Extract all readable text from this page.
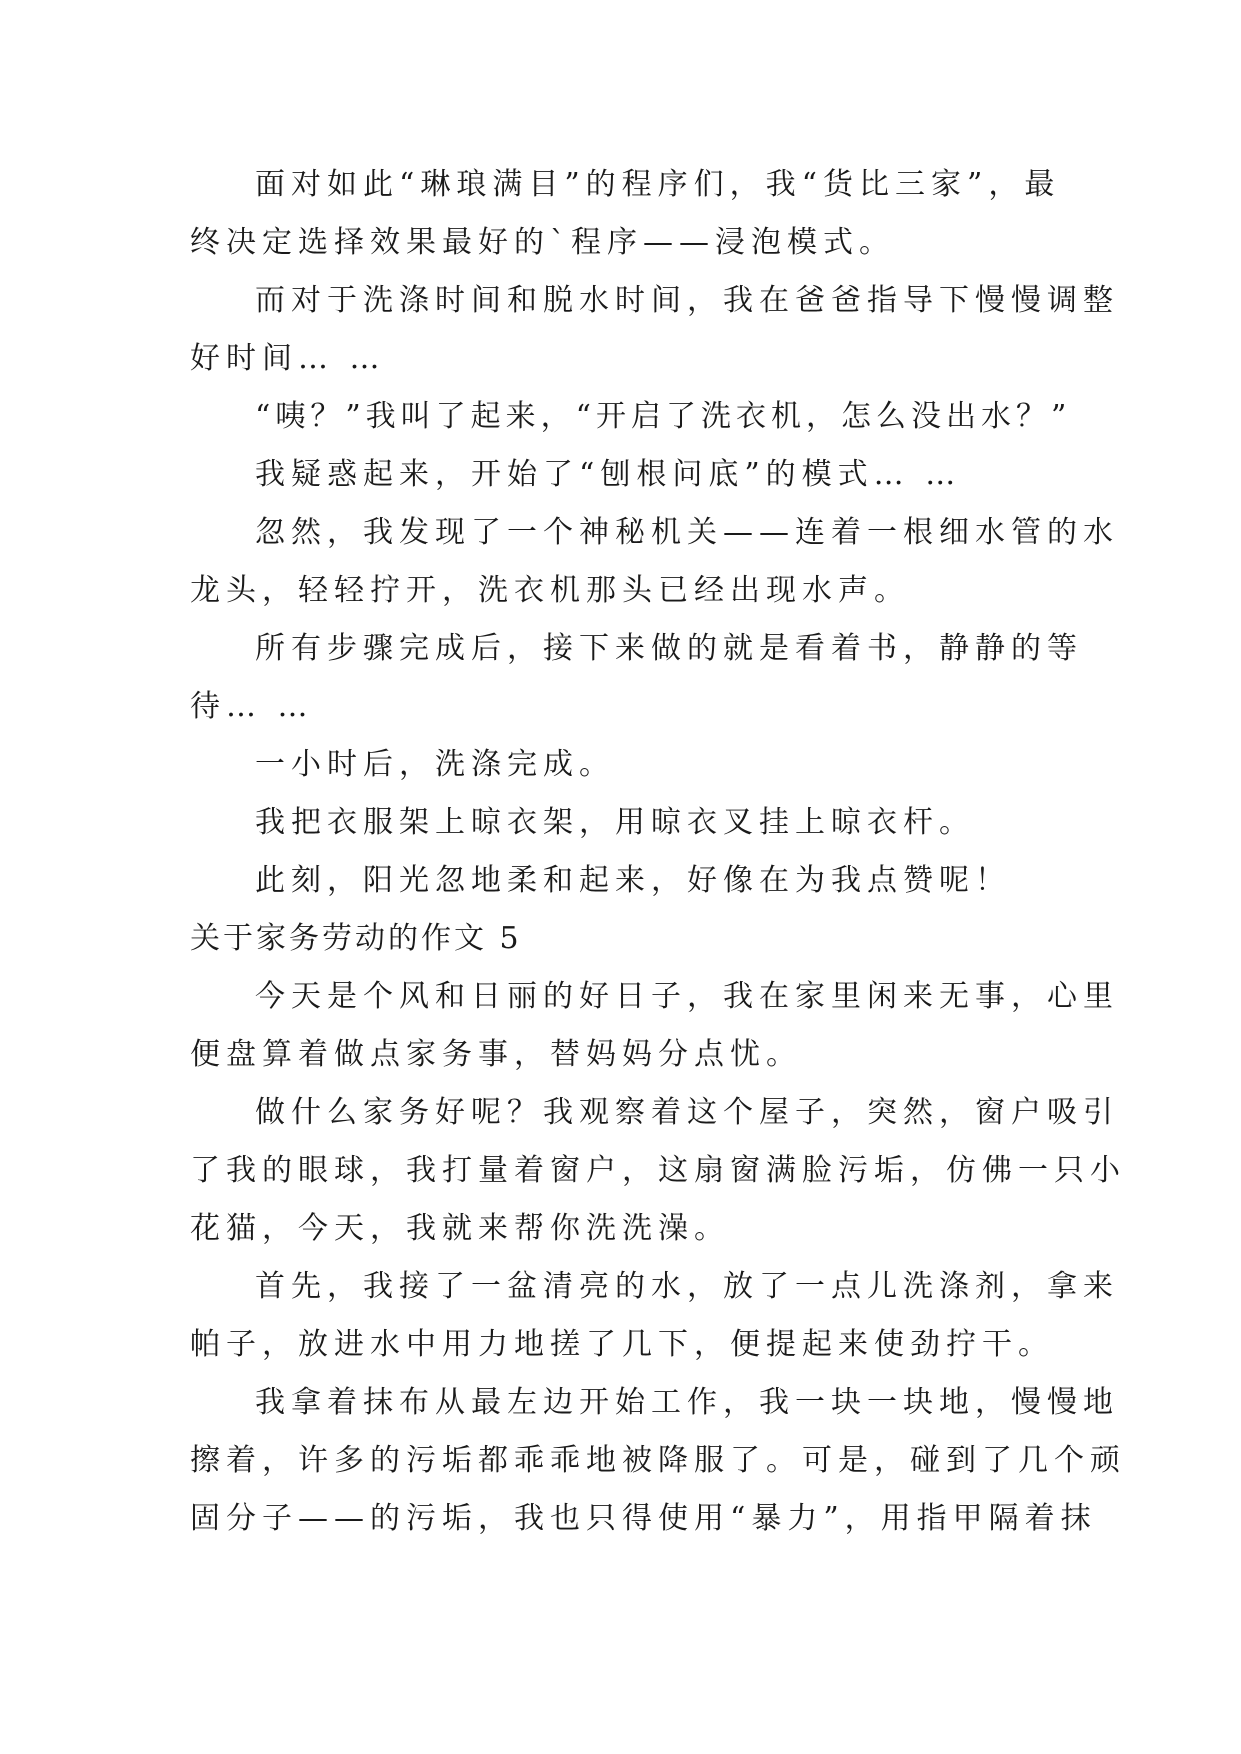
面对如此“琳琅满目”的程序们，我“货比三家”，最
终决定选择效果最好的`程序——浸泡模式。
而对于洗涤时间和脱水时间，我在爸爸指导下慢慢调整
好时间… …
“咦？”我叫了起来，“开启了洗衣机，怎么没出水？”
我疑惑起来，开始了“刨根问底”的模式… …
忽然，我发现了一个神秘机关——连着一根细水管的水
龙头，轻轻拧开，洗衣机那头已经出现水声。
所有步骤完成后，接下来做的就是看着书，静静的等
待… …
一小时后，洗涤完成。
我把衣服架上晾衣架，用晾衣叉挂上晾衣杆。
此刻，阳光忽地柔和起来，好像在为我点赞呢！
关于家务劳动的作文 5
今天是个风和日丽的好日子，我在家里闲来无事，心里
便盘算着做点家务事，替妈妈分点忧。
做什么家务好呢？我观察着这个屋子，突然，窗户吸引
了我的眼球，我打量着窗户，这扇窗满脸污垢，仿佛一只小
花猫，今天，我就来帮你洗洗澡。
首先，我接了一盆清亮的水，放了一点儿洗涤剂，拿来
帕子，放进水中用力地搓了几下，便提起来使劲拧干。
我拿着抹布从最左边开始工作，我一块一块地，慢慢地
擦着，许多的污垢都乖乖地被降服了。可是，碰到了几个顽
固分子——的污垢，我也只得使用“暴力”，用指甲隔着抹
